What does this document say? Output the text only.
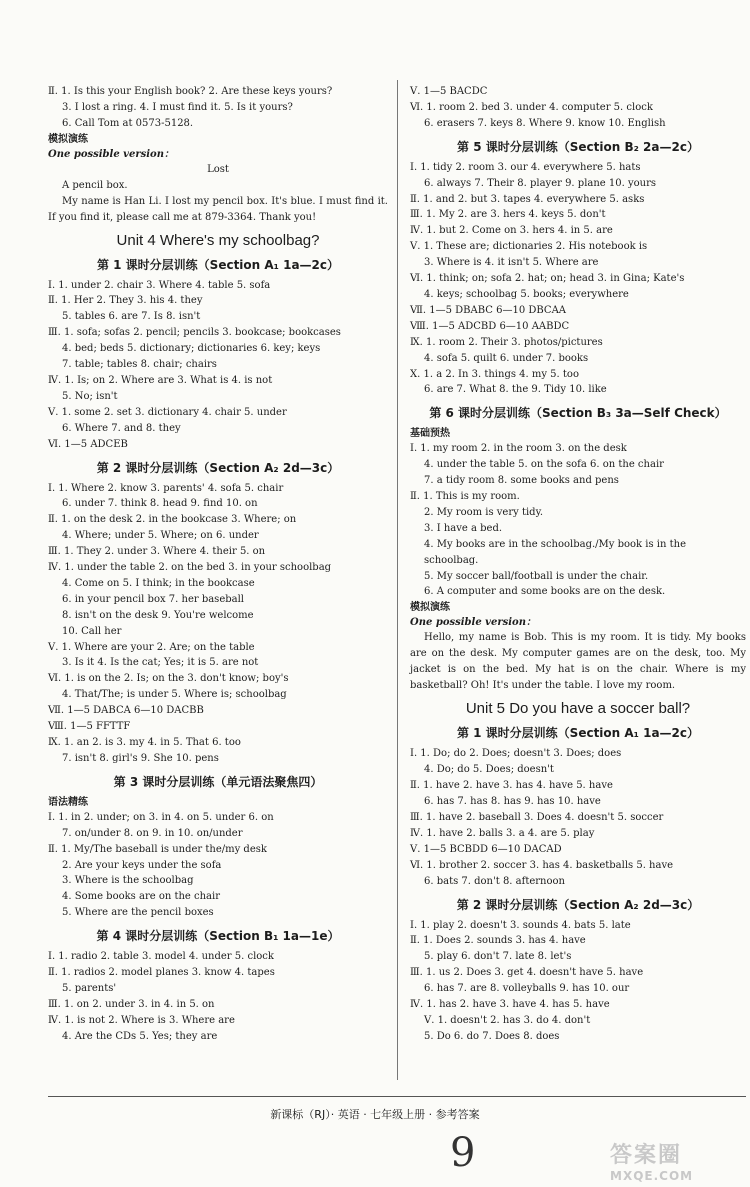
Ⅱ. 1. Is this your English book? 2. Are these keys yours?
3. I lost a ring. 4. I must find it. 5. Is it yours?
6. Call Tom at 0573-5128.
模拟演练
One possible version：
Lost
A pencil box.
My name is Han Li. I lost my pencil box. It's blue. I must find it. If you find it, please call me at 879-3364. Thank you!
Unit 4 Where's my schoolbag?
第 1 课时分层训练（Section A₁ 1a—2c）
Ⅰ. 1. under 2. chair 3. Where 4. table 5. sofa
Ⅱ. 1. Her 2. They 3. his 4. they
5. tables 6. are 7. Is 8. isn't
Ⅲ. 1. sofa; sofas 2. pencil; pencils 3. bookcase; bookcases
4. bed; beds 5. dictionary; dictionaries 6. key; keys
7. table; tables 8. chair; chairs
Ⅳ. 1. Is; on 2. Where are 3. What is 4. is not
5. No; isn't
Ⅴ. 1. some 2. set 3. dictionary 4. chair 5. under
6. Where 7. and 8. they
Ⅵ. 1—5 ADCEB
第 2 课时分层训练（Section A₂ 2d—3c）
Ⅰ. 1. Where 2. know 3. parents' 4. sofa 5. chair
6. under 7. think 8. head 9. find 10. on
Ⅱ. 1. on the desk 2. in the bookcase 3. Where; on
4. Where; under 5. Where; on 6. under
Ⅲ. 1. They 2. under 3. Where 4. their 5. on
Ⅳ. 1. under the table 2. on the bed 3. in your schoolbag
4. Come on 5. I think; in the bookcase
6. in your pencil box 7. her baseball
8. isn't on the desk 9. You're welcome
10. Call her
Ⅴ. 1. Where are your 2. Are; on the table
3. Is it 4. Is the cat; Yes; it is 5. are not
Ⅵ. 1. is on the 2. Is; on the 3. don't know; boy's
4. That/The; is under 5. Where is; schoolbag
Ⅶ. 1—5 DABCA 6—10 DACBB
Ⅷ. 1—5 FFTTF
Ⅸ. 1. an 2. is 3. my 4. in 5. That 6. too
7. isn't 8. girl's 9. She 10. pens
第 3 课时分层训练（单元语法聚焦四）
语法精练
Ⅰ. 1. in 2. under; on 3. in 4. on 5. under 6. on
7. on/under 8. on 9. in 10. on/under
Ⅱ. 1. My/The baseball is under the/my desk
2. Are your keys under the sofa
3. Where is the schoolbag
4. Some books are on the chair
5. Where are the pencil boxes
第 4 课时分层训练（Section B₁ 1a—1e）
Ⅰ. 1. radio 2. table 3. model 4. under 5. clock
Ⅱ. 1. radios 2. model planes 3. know 4. tapes
5. parents'
Ⅲ. 1. on 2. under 3. in 4. in 5. on
Ⅳ. 1. is not 2. Where is 3. Where are
4. Are the CDs 5. Yes; they are
Ⅴ. 1—5 BACDC
Ⅵ. 1. room 2. bed 3. under 4. computer 5. clock
6. erasers 7. keys 8. Where 9. know 10. English
第 5 课时分层训练（Section B₂ 2a—2c）
Ⅰ. 1. tidy 2. room 3. our 4. everywhere 5. hats
6. always 7. Their 8. player 9. plane 10. yours
Ⅱ. 1. and 2. but 3. tapes 4. everywhere 5. asks
Ⅲ. 1. My 2. are 3. hers 4. keys 5. don't
Ⅳ. 1. but 2. Come on 3. hers 4. in 5. are
Ⅴ. 1. These are; dictionaries 2. His notebook is
3. Where is 4. it isn't 5. Where are
Ⅵ. 1. think; on; sofa 2. hat; on; head 3. in Gina; Kate's
4. keys; schoolbag 5. books; everywhere
Ⅶ. 1—5 DBABC 6—10 DBCAA
Ⅷ. 1—5 ADCBD 6—10 AABDC
Ⅸ. 1. room 2. Their 3. photos/pictures
4. sofa 5. quilt 6. under 7. books
Ⅹ. 1. a 2. In 3. things 4. my 5. too
6. are 7. What 8. the 9. Tidy 10. like
第 6 课时分层训练（Section B₃ 3a—Self Check）
基础预热
Ⅰ. 1. my room 2. in the room 3. on the desk
4. under the table 5. on the sofa 6. on the chair
7. a tidy room 8. some books and pens
Ⅱ. 1. This is my room.
2. My room is very tidy.
3. I have a bed.
4. My books are in the schoolbag./My book is in the
schoolbag.
5. My soccer ball/football is under the chair.
6. A computer and some books are on the desk.
模拟演练
One possible version：
Hello, my name is Bob. This is my room. It is tidy. My books are on the desk. My computer games are on the desk, too. My jacket is on the bed. My hat is on the chair. Where is my basketball? Oh! It's under the table. I love my room.
Unit 5 Do you have a soccer ball?
第 1 课时分层训练（Section A₁ 1a—2c）
Ⅰ. 1. Do; do 2. Does; doesn't 3. Does; does
4. Do; do 5. Does; doesn't
Ⅱ. 1. have 2. have 3. has 4. have 5. have
6. has 7. has 8. has 9. has 10. have
Ⅲ. 1. have 2. baseball 3. Does 4. doesn't 5. soccer
Ⅳ. 1. have 2. balls 3. a 4. are 5. play
Ⅴ. 1—5 BCBDD 6—10 DACAD
Ⅵ. 1. brother 2. soccer 3. has 4. basketballs 5. have
6. bats 7. don't 8. afternoon
第 2 课时分层训练（Section A₂ 2d—3c）
Ⅰ. 1. play 2. doesn't 3. sounds 4. bats 5. late
Ⅱ. 1. Does 2. sounds 3. has 4. have
5. play 6. don't 7. late 8. let's
Ⅲ. 1. us 2. Does 3. get 4. doesn't have 5. have
6. has 7. are 8. volleyballs 9. has 10. our
Ⅳ. 1. has 2. have 3. have 4. has 5. have
Ⅴ. 1. doesn't 2. has 3. do 4. don't
5. Do 6. do 7. Does 8. does
新课标（RJ）· 英语 · 七年级上册 · 参考答案
9	答案圈
MXQE.COM
